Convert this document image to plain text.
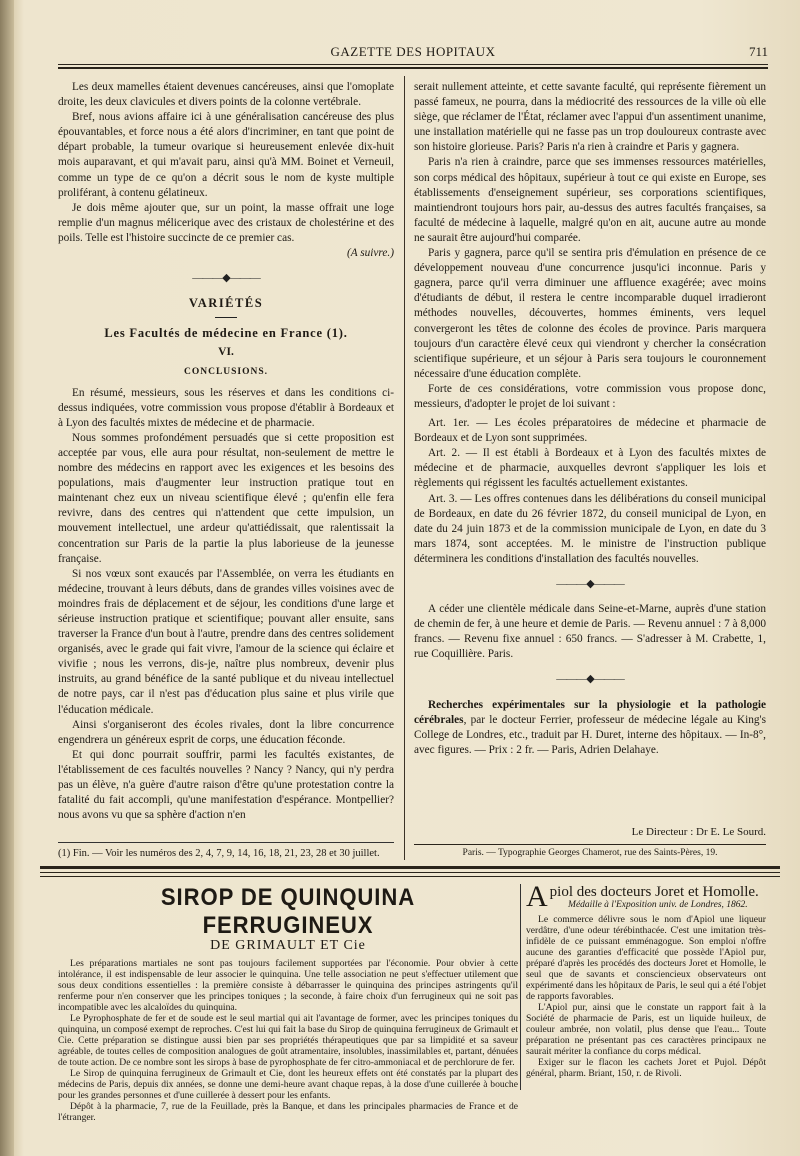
GAZETTE DES HOPITAUX	711

Les deux mamelles étaient devenues cancéreuses, ainsi que l'omoplate droite, les deux clavicules et divers points de la colonne vertébrale.

Bref, nous avions affaire ici à une généralisation cancéreuse des plus épouvantables, et force nous a été alors d'incriminer, en tant que point de départ probable, la tumeur ovarique si heureusement enlevée dix-huit mois auparavant, et qui m'avait paru, ainsi qu'à MM. Boinet et Verneuil, comme un type de ce qu'on a décrit sous le nom de kyste multiple proliférant, à contenu gélatineux.

Je dois même ajouter que, sur un point, la masse offrait une loge remplie d'un magnus mélicerique avec des cristaux de cholestérine et des poils. Telle est l'histoire succincte de ce premier cas.

(A suivre.)

———◆———
VARIÉTÉS
Les Facultés de médecine en France (1).
VI.
CONCLUSIONS.

En résumé, messieurs, sous les réserves et dans les conditions ci-dessus indiquées, votre commission vous propose d'établir à Bordeaux et à Lyon des facultés mixtes de médecine et de pharmacie.

Nous sommes profondément persuadés que si cette proposition est acceptée par vous, elle aura pour résultat, non-seulement de mettre le nombre des médecins en rapport avec les exigences et les besoins des populations, mais d'augmenter leur instruction pratique tout en maintenant chez eux un niveau scientifique élevé ; qu'enfin elle fera revivre, dans des centres qui n'attendent que cette impulsion, un mouvement intellectuel, une ardeur qu'attiédissait, que ralentissait la concentration sur Paris de la partie la plus laborieuse de la jeunesse française.

Si nos vœux sont exaucés par l'Assemblée, on verra les étudiants en médecine, trouvant à leurs débuts, dans de grandes villes voisines avec de moindres frais de déplacement et de séjour, les conditions d'une large et sérieuse instruction pratique et scientifique; pouvant aller ensuite, sans traverser la France d'un bout à l'autre, prendre dans des centres solidement organisés, avec le grade qui fait vivre, l'amour de la science qui éclaire et vivifie ; nous les verrons, dis-je, naître plus nombreux, devenir plus instruits, au grand bénéfice de la santé publique et du niveau intellectuel de notre pays, car il n'est pas d'éducation plus saine et plus virile que l'éducation médicale.

Ainsi s'organiseront des écoles rivales, dont la libre concurrence engendrera un généreux esprit de corps, une éducation féconde.

Et qui donc pourrait souffrir, parmi les facultés existantes, de l'établissement de ces facultés nouvelles ? Nancy ? Nancy, qui n'y perdra pas un élève, n'a guère d'autre raison d'être qu'une protestation contre la fatalité du fait accompli, qu'une manifestation d'espérance. Montpellier? nous avons vu que sa sphère d'action n'en

(1) Fin. — Voir les numéros des 2, 4, 7, 9, 14, 16, 18, 21, 23, 28 et 30 juillet.

serait nullement atteinte, et cette savante faculté, qui représente fièrement un passé fameux, ne pourra, dans la médiocrité des ressources de la ville où elle siège, que réclamer de l'État, réclamer avec l'appui d'un assentiment unanime, une installation matérielle qui ne fasse pas un trop douloureux contraste avec son histoire glorieuse. Paris? Paris n'a rien à craindre et Paris y gagnera.

Paris n'a rien à craindre, parce que ses immenses ressources matérielles, son corps médical des hôpitaux, supérieur à tout ce qui existe en Europe, ses établissements d'enseignement supérieur, ses corporations scientifiques, maintiendront toujours hors pair, au-dessus des autres facultés françaises, sa faculté de médecine à laquelle, malgré qu'on en ait, aucune autre au monde ne saurait être aujourd'hui comparée.

Paris y gagnera, parce qu'il se sentira pris d'émulation en présence de ce développement nouveau d'une concurrence jusqu'ici inconnue. Paris y gagnera, parce qu'il verra diminuer une affluence exagérée; avec moins d'étudiants de début, il restera le centre incomparable duquel irradieront méthodes nouvelles, découvertes, hommes éminents, vers lequel convergeront les têtes de colonne des écoles de province. Paris marquera toujours d'un caractère élevé ceux qui viendront y chercher la consécration scientifique supérieure, et un séjour à Paris sera toujours le couronnement nécessaire d'une éducation complète.

Forte de ces considérations, votre commission vous propose donc, messieurs, d'adopter le projet de loi suivant :

Art. 1er. — Les écoles préparatoires de médecine et pharmacie de Bordeaux et de Lyon sont supprimées.

Art. 2. — Il est établi à Bordeaux et à Lyon des facultés mixtes de médecine et de pharmacie, auxquelles devront s'appliquer les lois et règlements qui régissent les facultés actuellement existantes.

Art. 3. — Les offres contenues dans les délibérations du conseil municipal de Bordeaux, en date du 26 février 1872, du conseil municipal de Lyon, en date du 24 juin 1873 et de la commission municipale de Lyon, en date du 3 mars 1874, sont acceptées. M. le ministre de l'instruction publique déterminera les conditions d'installation des facultés nouvelles.

———◆———

A céder une clientèle médicale dans Seine-et-Marne, auprès d'une station de chemin de fer, à une heure et demie de Paris. — Revenu annuel : 7 à 8,000 francs. — Revenu fixe annuel : 650 francs. — S'adresser à M. Crabette, 1, rue Coquillière. Paris.

———◆———

Recherches expérimentales sur la physiologie et la pathologie cérébrales, par le docteur Ferrier, professeur de médecine légale au King's College de Londres, etc., traduit par H. Duret, interne des hôpitaux. — In-8°, avec figures. — Prix : 2 fr. — Paris, Adrien Delahaye.

Le Directeur : Dr E. Le Sourd.
Paris. — Typographie Georges Chamerot, rue des Saints-Pères, 19.
SIROP DE QUINQUINA FERRUGINEUX
DE GRIMAULT ET Cie

Les préparations martiales ne sont pas toujours facilement supportées par l'économie. Pour obvier à cette intolérance, il est indispensable de leur associer le quinquina. Une telle association ne peut s'effectuer utilement que sous deux conditions essentielles : la première consiste à débarrasser le quinquina des principes astringents qu'il renferme pour n'en conserver que les principes toniques ; la seconde, à faire choix d'un ferrugineux qui ne soit pas incompatible avec les alcaloïdes du quinquina.

Le Pyrophosphate de fer et de soude est le seul martial qui ait l'avantage de former, avec les principes toniques du quinquina, un composé exempt de reproches. C'est lui qui fait la base du Sirop de quinquina ferrugineux de Grimault et Cie. Cette préparation se distingue aussi bien par ses propriétés thérapeutiques que par sa limpidité et sa saveur agréable, de toutes celles de composition analogues de goût atramentaire, insolubles, inassimilables et, partant, dénuées de toute action. De ce nombre sont les sirops à base de pyrophosphate de fer citro-ammoniacal et de perchlorure de fer.

Le Sirop de quinquina ferrugineux de Grimault et Cie, dont les heureux effets ont été constatés par la plupart des médecins de Paris, depuis dix années, se donne une demi-heure avant chaque repas, à la dose d'une cuillerée à bouche pour les grandes personnes et d'une cuillerée à dessert pour les enfants.

Dépôt à la pharmacie, 7, rue de la Feuillade, près la Banque, et dans les principales pharmacies de France et de l'étranger.

Apiol des docteurs Joret et Homolle.
Médaille à l'Exposition univ. de Londres, 1862.

Le commerce délivre sous le nom d'Apiol une liqueur verdâtre, d'une odeur térébinthacée. C'est une imitation très-infidèle de ce puissant emménagogue. Son emploi n'offre aucune des garanties d'efficacité que possède l'Apiol pur, préparé d'après les procédés des docteurs Joret et Homolle, le seul que de savants et consciencieux observateurs ont expérimenté dans les hôpitaux de Paris, le seul qui a été l'objet de rapports favorables.

L'Apiol pur, ainsi que le constate un rapport fait à la Société de pharmacie de Paris, est un liquide huileux, de couleur ambrée, non volatil, plus dense que l'eau... Toute préparation ne présentant pas ces caractères principaux ne saurait mériter la confiance du corps médical.

Exiger sur le flacon les cachets Joret et Pujol. Dépôt général, pharm. Briant, 150, r. de Rivoli.
